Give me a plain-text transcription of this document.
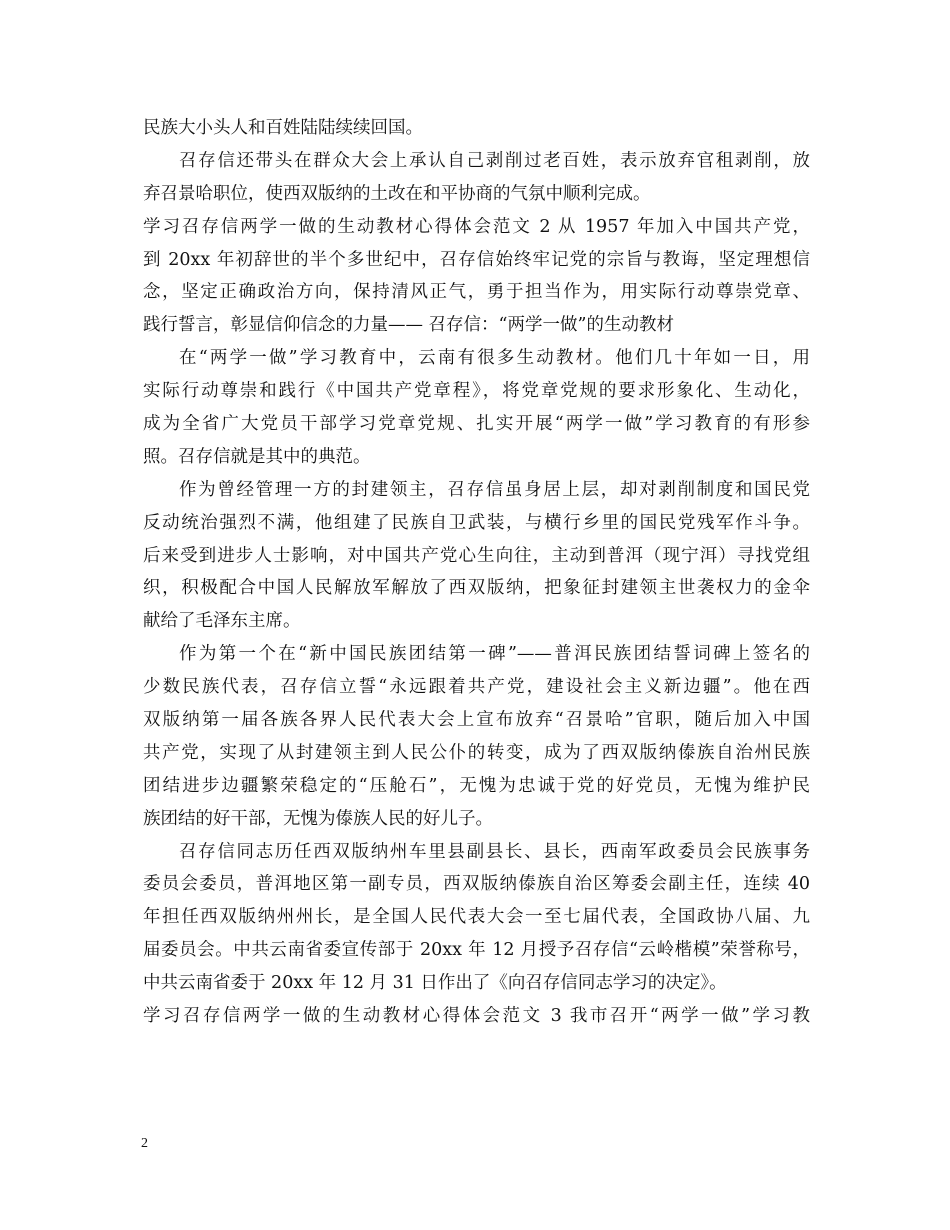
民族大小头人和百姓陆陆续续回国。
召存信还带头在群众大会上承认自己剥削过老百姓，表示放弃官租剥削，放
弃召景哈职位，使西双版纳的土改在和平协商的气氛中顺利完成。
学习召存信两学一做的生动教材心得体会范文 2 从 1957 年加入中国共产党，
到 20xx 年初辞世的半个多世纪中，召存信始终牢记党的宗旨与教诲，坚定理想信
念，坚定正确政治方向，保持清风正气，勇于担当作为，用实际行动尊崇党章、
践行誓言，彰显信仰信念的力量—— 召存信：“两学一做”的生动教材
在“两学一做”学习教育中，云南有很多生动教材。他们几十年如一日，用
实际行动尊崇和践行《中国共产党章程》，将党章党规的要求形象化、生动化，
成为全省广大党员干部学习党章党规、扎实开展“两学一做”学习教育的有形参
照。召存信就是其中的典范。
作为曾经管理一方的封建领主，召存信虽身居上层，却对剥削制度和国民党
反动统治强烈不满，他组建了民族自卫武装，与横行乡里的国民党残军作斗争。
后来受到进步人士影响，对中国共产党心生向往，主动到普洱（现宁洱）寻找党组
织，积极配合中国人民解放军解放了西双版纳，把象征封建领主世袭权力的金伞
献给了毛泽东主席。
作为第一个在“新中国民族团结第一碑”——普洱民族团结誓词碑上签名的
少数民族代表，召存信立誓“永远跟着共产党，建设社会主义新边疆”。他在西
双版纳第一届各族各界人民代表大会上宣布放弃“召景哈”官职，随后加入中国
共产党，实现了从封建领主到人民公仆的转变，成为了西双版纳傣族自治州民族
团结进步边疆繁荣稳定的“压舱石”，无愧为忠诚于党的好党员，无愧为维护民
族团结的好干部，无愧为傣族人民的好儿子。
召存信同志历任西双版纳州车里县副县长、县长，西南军政委员会民族事务
委员会委员，普洱地区第一副专员，西双版纳傣族自治区筹委会副主任，连续 40
年担任西双版纳州州长，是全国人民代表大会一至七届代表，全国政协八届、九
届委员会。中共云南省委宣传部于 20xx 年 12 月授予召存信“云岭楷模”荣誉称号，
中共云南省委于 20xx 年 12 月 31 日作出了《向召存信同志学习的决定》。
学习召存信两学一做的生动教材心得体会范文 3 我市召开“两学一做”学习教
2
